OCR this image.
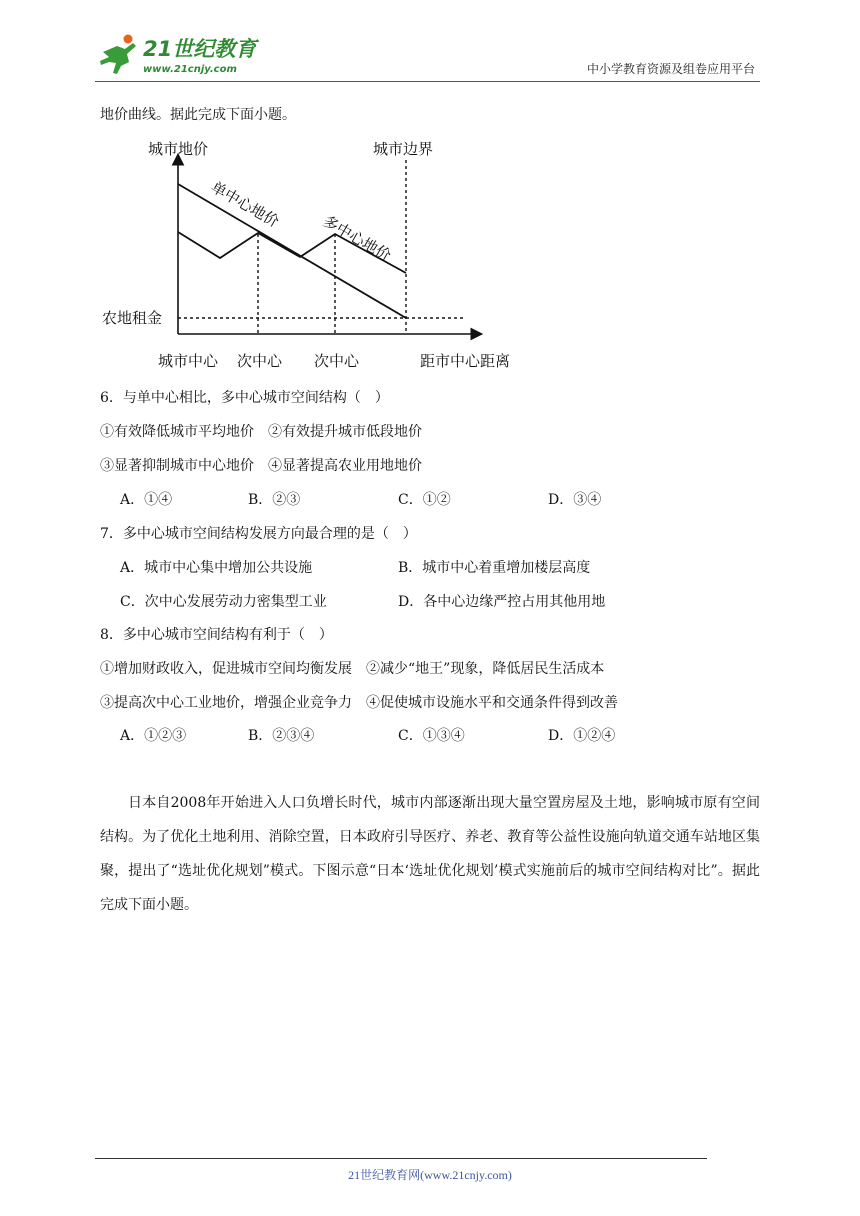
21世纪教育
www.21cnjy.com	中小学教育资源及组卷应用平台
地价曲线。据此完成下面小题。
城市地价	城市边界
农地租金
单中心地价
多中心地价
城市中心 次中心 次中心	距市中心距离
6．与单中心相比，多中心城市空间结构（　）
①有效降低城市平均地价　②有效提升城市低段地价
③显著抑制城市中心地价　④显著提高农业用地地价
A．①④	B．②③	C．①②	D．③④
7．多中心城市空间结构发展方向最合理的是（　）
A．城市中心集中增加公共设施	B．城市中心着重增加楼层高度
C．次中心发展劳动力密集型工业	D．各中心边缘严控占用其他用地
8．多中心城市空间结构有利于（　）
①增加财政收入，促进城市空间均衡发展　②减少“地王”现象，降低居民生活成本
③提高次中心工业地价，增强企业竞争力　④促使城市设施水平和交通条件得到改善
A．①②③	B．②③④	C．①③④	D．①②④

日本自2008年开始进入人口负增长时代，城市内部逐渐出现大量空置房屋及土地，影响城市原有空间结构。为了优化土地利用、消除空置，日本政府引导医疗、养老、教育等公益性设施向轨道交通车站地区集聚，提出了“选址优化规划”模式。下图示意“日本‘选址优化规划’模式实施前后的城市空间结构对比”。据此完成下面小题。

21世纪教育网(www.21cnjy.com)
